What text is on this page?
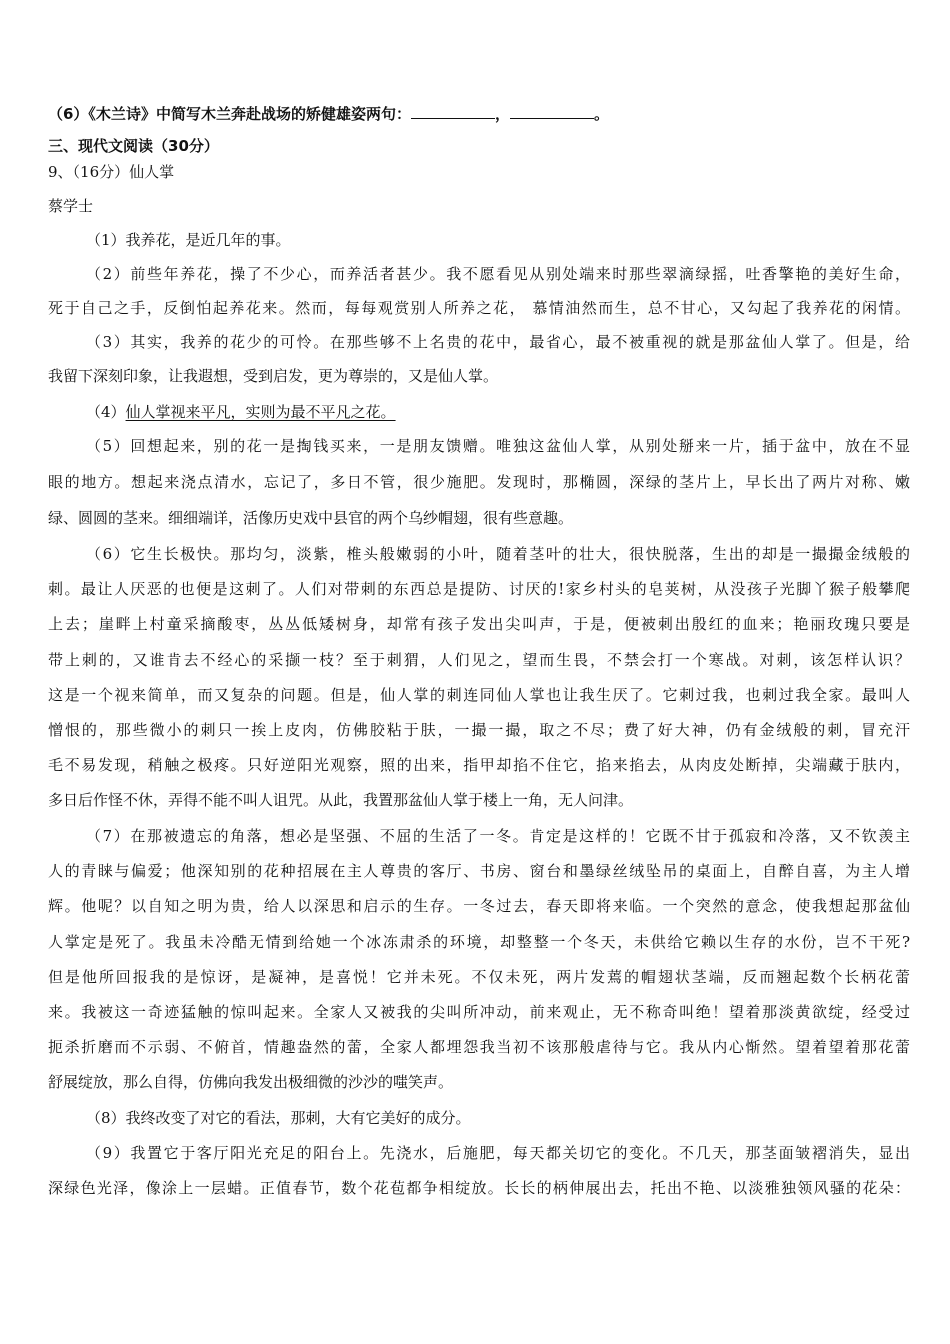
（6）《木兰诗》中简写木兰奔赴战场的矫健雄姿两句：	，	。
三、现代文阅读（30分）
9、（16分）仙人掌
蔡学士
（1）我养花，是近几年的事。
（2）前些年养花，操了不少心，而养活者甚少。我不愿看见从别处端来时那些翠滴绿摇，吐香擎艳的美好生命，
死于自己之手，反倒怕起养花来。然而，每每观赏别人所养之花， 慕情油然而生，总不甘心，又勾起了我养花的闲情。
（3）其实，我养的花少的可怜。在那些够不上名贵的花中，最省心，最不被重视的就是那盆仙人掌了。但是，给
我留下深刻印象，让我遐想，受到启发，更为尊崇的，又是仙人掌。
（4）仙人掌视来平凡，实则为最不平凡之花。
（5）回想起来，别的花一是掏钱买来，一是朋友馈赠。唯独这盆仙人掌，从别处掰来一片，插于盆中，放在不显
眼的地方。想起来浇点清水，忘记了，多日不管，很少施肥。发现时，那椭圆，深绿的茎片上，早长出了两片对称、嫩
绿、圆圆的茎来。细细端详，活像历史戏中县官的两个乌纱帽翅，很有些意趣。
（6）它生长极快。那均匀，淡紫，椎头般嫩弱的小叶，随着茎叶的壮大，很快脱落，生出的却是一撮撮金绒般的
刺。最让人厌恶的也便是这刺了。人们对带刺的东西总是提防、讨厌的!家乡村头的皂荚树，从没孩子光脚丫猴子般攀爬
上去；崖畔上村童采摘酸枣，丛丛低矮树身，却常有孩子发出尖叫声，于是，便被刺出殷红的血来；艳丽玫瑰只要是
带上刺的，又谁肯去不经心的采撷一枝？至于刺猬，人们见之，望而生畏，不禁会打一个寒战。对刺，该怎样认识？
这是一个视来简单，而又复杂的问题。但是，仙人掌的刺连同仙人掌也让我生厌了。它刺过我，也刺过我全家。最叫人
憎恨的，那些微小的刺只一挨上皮肉，仿佛胶粘于肤，一撮一撮，取之不尽；费了好大神，仍有金绒般的刺，冒充汗
毛不易发现，稍触之极疼。只好逆阳光观察，照的出来，指甲却掐不住它，掐来掐去，从肉皮处断掉，尖端藏于肤内，
多日后作怪不休，弄得不能不叫人诅咒。从此，我置那盆仙人掌于楼上一角，无人问津。
（7）在那被遗忘的角落，想必是坚强、不屈的生活了一冬。肯定是这样的！它既不甘于孤寂和冷落，又不钦羡主
人的青睐与偏爱；他深知别的花种招展在主人尊贵的客厅、书房、窗台和墨绿丝绒坠吊的桌面上，自醉自喜，为主人增
辉。他呢？以自知之明为贵，给人以深思和启示的生存。一冬过去，春天即将来临。一个突然的意念，使我想起那盆仙
人掌定是死了。我虽未冷酷无情到给她一个冰冻肃杀的环境，却整整一个冬天，未供给它赖以生存的水份，岂不干死?
但是他所回报我的是惊讶，是凝神，是喜悦！它并未死。不仅未死，两片发蔫的帽翅状茎端，反而翘起数个长柄花蕾
来。我被这一奇迹猛触的惊叫起来。全家人又被我的尖叫所冲动，前来观止，无不称奇叫绝！望着那淡黄欲绽，经受过
扼杀折磨而不示弱、不俯首，情趣盎然的蕾，全家人都埋怨我当初不该那般虐待与它。我从内心惭然。望着望着那花蕾
舒展绽放，那么自得，仿佛向我发出极细微的沙沙的嗤笑声。
（8）我终改变了对它的看法，那刺，大有它美好的成分。
（9）我置它于客厅阳光充足的阳台上。先浇水，后施肥，每天都关切它的变化。不几天，那茎面皱褶消失，显出
深绿色光泽，像涂上一层蜡。正值春节，数个花苞都争相绽放。长长的柄伸展出去，托出不艳、以淡雅独领风骚的花朵：
